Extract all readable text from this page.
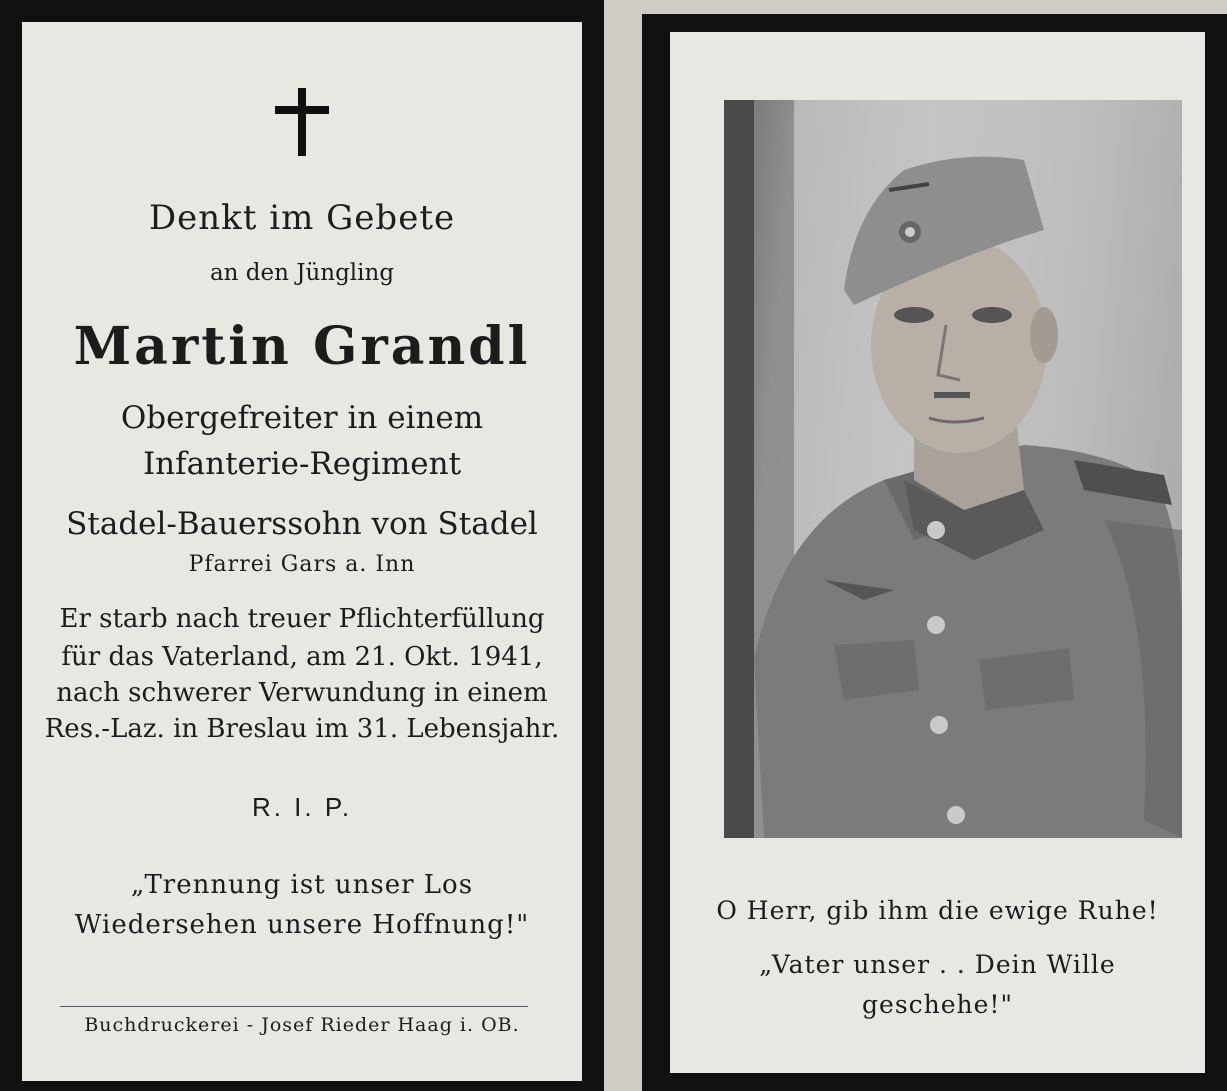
Denkt im Gebete
an den Jüngling
Martin Grandl
Obergefreiter in einem
Infanterie-Regiment
Stadel-Bauerssohn von Stadel
Pfarrei Gars a. Inn
Er starb nach treuer Pflichterfüllung
für das Vaterland, am 21. Okt. 1941,
nach schwerer Verwundung in einem
Res.-Laz. in Breslau im 31. Lebensjahr.
R. I. P.
„Trennung ist unser Los
Wiedersehen unsere Hoffnung!"
Buchdruckerei - Josef Rieder Haag i. OB.
O Herr, gib ihm die ewige Ruhe!
„Vater unser . . Dein Wille
geschehe!"
